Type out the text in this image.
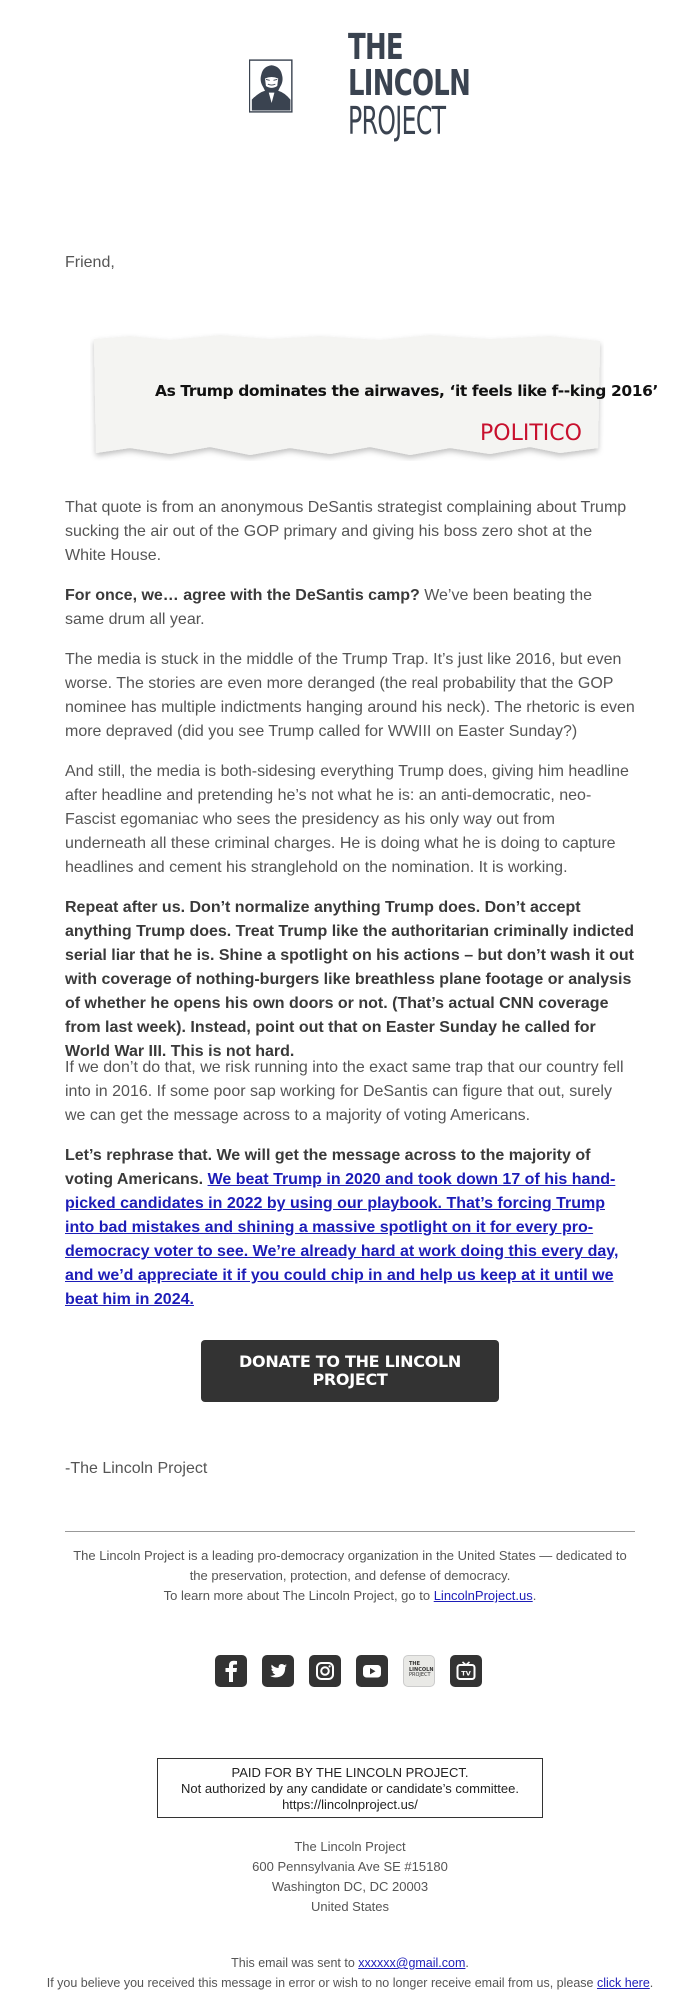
THE
LINCOLN
PROJECT
Friend,
As Trump dominates the airwaves, ‘it feels like f--king 2016’
POLITICO

That quote is from an anonymous DeSantis strategist complaining about Trump sucking the air out of the GOP primary and giving his boss zero shot at the White House.

For once, we… agree with the DeSantis camp? We’ve been beating the same drum all year.

The media is stuck in the middle of the Trump Trap. It’s just like 2016, but even worse. The stories are even more deranged (the real probability that the GOP nominee has multiple indictments hanging around his neck). The rhetoric is even more depraved (did you see Trump called for WWIII on Easter Sunday?)

And still, the media is both-sidesing everything Trump does, giving him headline after headline and pretending he’s not what he is: an anti-democratic, neo-Fascist egomaniac who sees the presidency as his only way out from underneath all these criminal charges. He is doing what he is doing to capture headlines and cement his stranglehold on the nomination. It is working.

Repeat after us. Don’t normalize anything Trump does. Don’t accept anything Trump does. Treat Trump like the authoritarian criminally indicted serial liar that he is. Shine a spotlight on his actions – but don’t wash it out with coverage of nothing-burgers like breathless plane footage or analysis of whether he opens his own doors or not. (That’s actual CNN coverage from last week). Instead, point out that on Easter Sunday he called for World War III. This is not hard.

If we don’t do that, we risk running into the exact same trap that our country fell into in 2016. If some poor sap working for DeSantis can figure that out, surely we can get the message across to a majority of voting Americans.

Let’s rephrase that. We will get the message across to the majority of voting Americans. We beat Trump in 2020 and took down 17 of his hand-picked candidates in 2022 by using our playbook. That’s forcing Trump into bad mistakes and shining a massive spotlight on it for every pro-democracy voter to see. We’re already hard at work doing this every day, and we’d appreciate it if you could chip in and help us keep at it until we beat him in 2024.

DONATE TO THE LINCOLN PROJECT
-The Lincoln Project
The Lincoln Project is a leading pro-democracy organization in the United States — dedicated to the preservation, protection, and defense of democracy.
To learn more about The Lincoln Project, go to LincolnProject.us.
THE
LINCOLN
PROJECT	TV
PAID FOR BY THE LINCOLN PROJECT.
Not authorized by any candidate or candidate’s committee.
https://lincolnproject.us/
The Lincoln Project
600 Pennsylvania Ave SE #15180
Washington DC, DC 20003
United States
This email was sent to xxxxxx@gmail.com.
If you believe you received this message in error or wish to no longer receive email from us, please click here.
